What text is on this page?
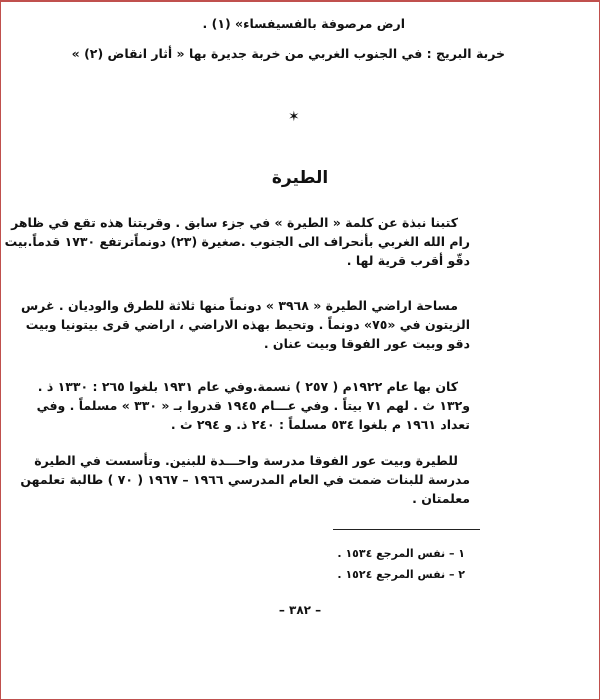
ارض مرصوفة بالفسيفساء» (١) .
خربة البريج : في الجنوب الغربي من خربة جديرة بها « أثار انقاض (٢) »
✶
الطيرة
كتبنا نبذة عن كلمة « الطيرة » في جزء سابق . وقريتنا هذه تقع في ظاهر
رام الله الغربي بأنحراف الى الجنوب .صغيرة (٢٣) دونماًترتفع ١٧٣٠ قدماً.بيت
دقّو أقرب قرية لها .
مساحة اراضي الطيرة « ٣٩٦٨ » دونماً منها ثلاثة للطرق والوديان . غرس
الزيتون في «٧٥» دونماً . وتحيط بهذه الاراضي ، اراضي قرى بيتونيا وبيت
دقو وبيت عور الفوقا وبيت عنان .
كان بها عام ١٩٢٢م ( ٢٥٧ ) نسمة.وفي عام ١٩٣١ بلغوا ٢٦٥ : ١٣٣٠ ذ .
و١٣٢ ث . لهم ٧١ بيتاً . وفي عـــام ١٩٤٥ قدروا بـ « ٣٣٠ » مسلماً . وفي
تعداد ١٩٦١ م بلغوا ٥٣٤ مسلماً : ٢٤٠ ذ. و ٢٩٤ ث .
للطيرة وبيت عور الفوقا مدرسة واحـــدة للبنين. وتأسست في الطيرة
مدرسة للبنات ضمت في العام المدرسي ١٩٦٦ – ١٩٦٧ ( ٧٠ ) طالبة تعلمهن
معلمتان .
١ – نفس المرجع ١٥٣٤ .
٢ – نفس المرجع ١٥٢٤ .
– ٣٨٢ –
